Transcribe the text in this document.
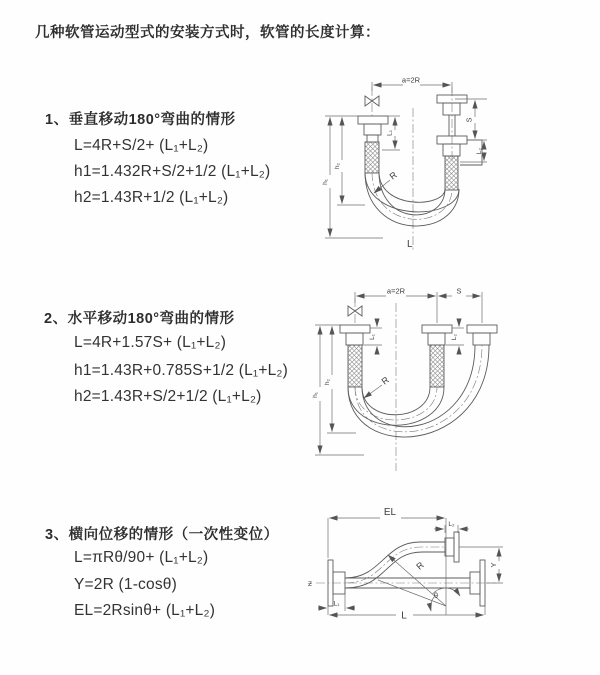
几种软管运动型式的安装方式时，软管的长度计算：
1、垂直移动180°弯曲的情形
L=4R+S/2+ (L₁+L₂)
h1=1.432R+S/2+1/2 (L₁+L₂)
h2=1.43R+1/2 (L₁+L₂)
2、水平移动180°弯曲的情形
L=4R+1.57S+ (L₁+L₂)
h1=1.43R+0.785S+1/2 (L₁+L₂)
h2=1.43R+S/2+1/2 (L₁+L₂)
3、横向位移的情形（一次性变位）
L=πRθ/90+ (L₁+L₂)
Y=2R (1-cosθ)
EL=2Rsinθ+ (L₁+L₂)
a=2R
L₁
S
L₂
h₁
h₂
R
L
a=2R	S
L₁	L₂
h₁
h₂	R
EL
L₂
Y
Ƶ
R
θ
L₁
L
